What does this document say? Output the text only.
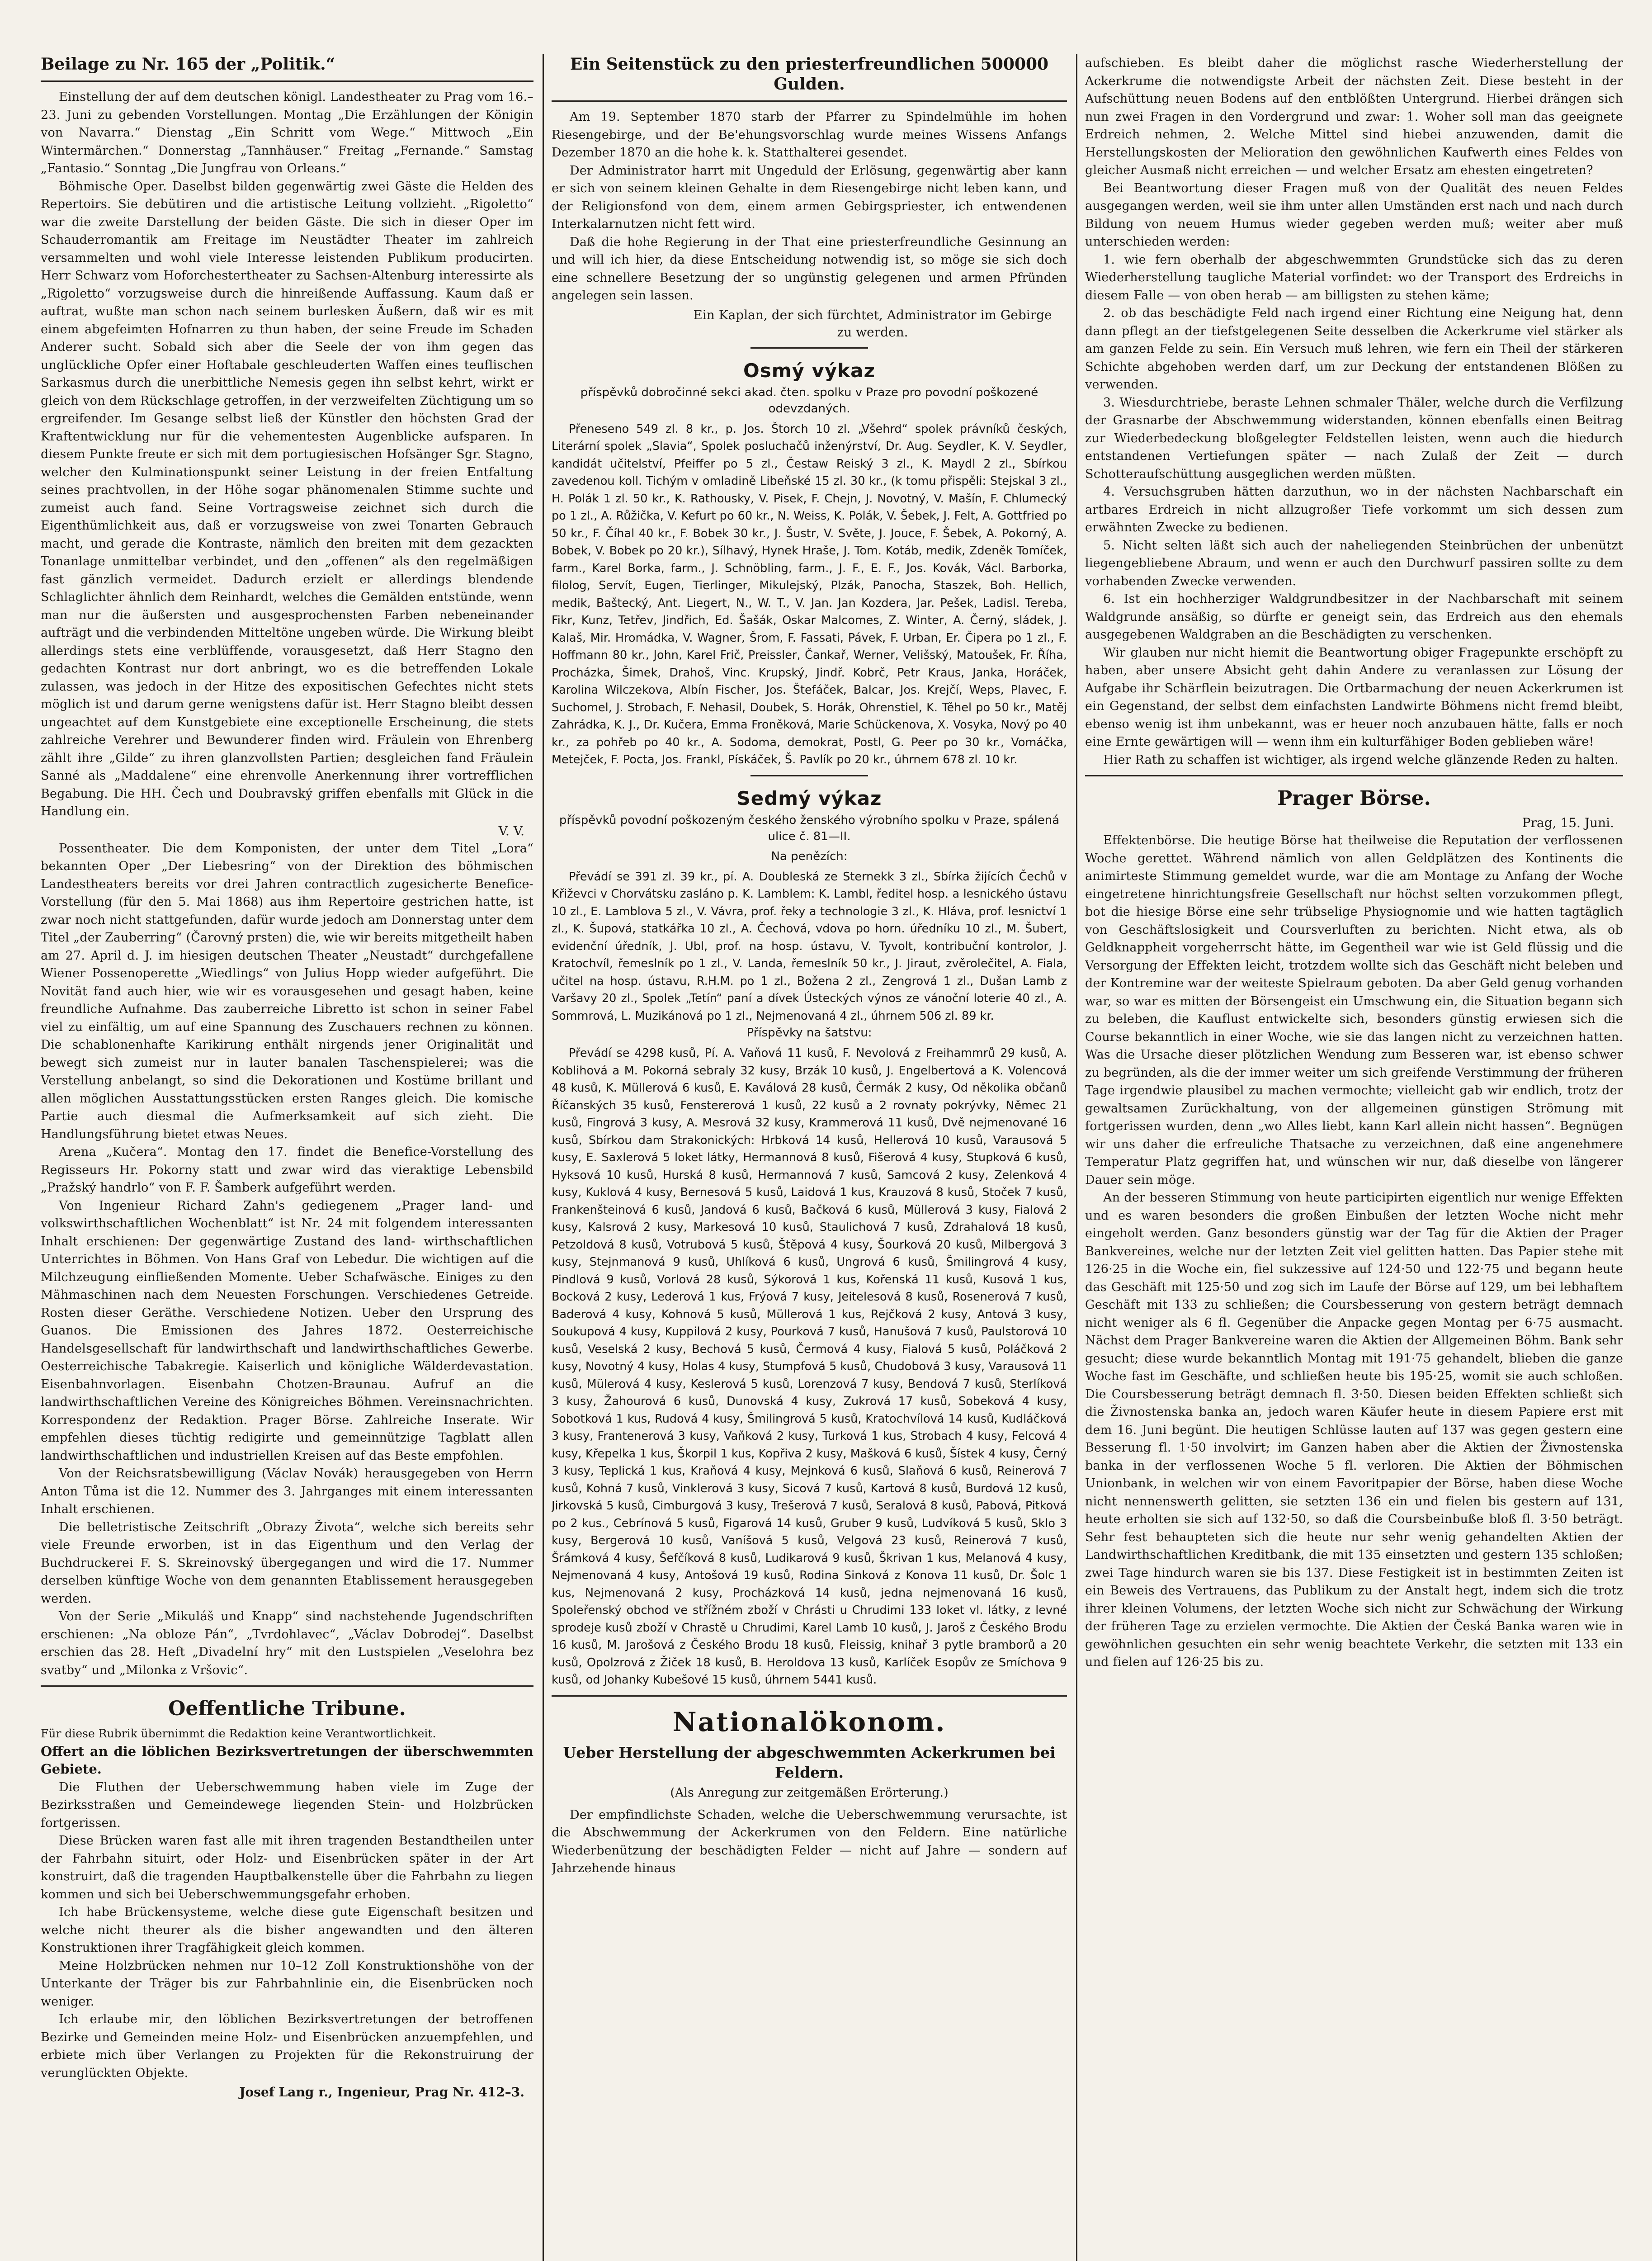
Beilage zu Nr. 165 der „Politik.“

Einstellung der auf dem deutschen königl. Landestheater zu Prag vom 16.–23. Juni zu gebenden Vorstellungen. Montag „Die Erzählungen der Königin von Navarra.“ Dienstag „Ein Schritt vom Wege.“ Mittwoch „Ein Wintermärchen.“ Donnerstag „Tannhäuser.“ Freitag „Fernande.“ Samstag „Fantasio.“ Sonntag „Die Jungfrau von Orleans.“

Böhmische Oper. Daselbst bilden gegenwärtig zwei Gäste die Helden des Repertoirs. Sie debütiren und die artistische Leitung vollzieht. „Rigoletto“ war die zweite Darstellung der beiden Gäste. Die sich in dieser Oper im Schauderromantik am Freitage im Neustädter Theater im zahlreich versammelten und wohl viele Interesse leistenden Publikum producirten. Herr Schwarz vom Hoforchestertheater zu Sachsen-Altenburg interessirte als „Rigoletto“ vorzugsweise durch die hinreißende Auffassung. Kaum daß er auftrat, wußte man schon nach seinem burlesken Äußern, daß wir es mit einem abgefeimten Hofnarren zu thun haben, der seine Freude im Schaden Anderer sucht. Sobald sich aber die Seele der von ihm gegen das unglückliche Opfer einer Hoftabale geschleuderten Waffen eines teuflischen Sarkasmus durch die unerbittliche Nemesis gegen ihn selbst kehrt, wirkt er gleich von dem Rückschlage getroffen, in der verzweifelten Züchtigung um so ergreifender. Im Gesange selbst ließ der Künstler den höchsten Grad der Kraftentwicklung nur für die vehementesten Augenblicke aufsparen. In diesem Punkte freute er sich mit dem portugiesischen Hofsänger Sgr. Stagno, welcher den Kulminationspunkt seiner Leistung in der freien Entfaltung seines prachtvollen, in der Höhe sogar phänomenalen Stimme suchte und zumeist auch fand. Seine Vortragsweise zeichnet sich durch die Eigenthümlichkeit aus, daß er vorzugsweise von zwei Tonarten Gebrauch macht, und gerade die Kontraste, nämlich den breiten mit dem gezackten Tonanlage unmittelbar verbindet, und den „offenen“ als den regelmäßigen fast gänzlich vermeidet. Dadurch erzielt er allerdings blendende Schlaglichter ähnlich dem Reinhardt, welches die Gemälden entstünde, wenn man nur die äußersten und ausgesprochensten Farben nebeneinander aufträgt und die verbindenden Mitteltöne ungeben würde. Die Wirkung bleibt allerdings stets eine verblüffende, vorausgesetzt, daß Herr Stagno den gedachten Kontrast nur dort anbringt, wo es die betreffenden Lokale zulassen, was jedoch in der Hitze des expositischen Gefechtes nicht stets möglich ist und darum gerne wenigstens dafür ist. Herr Stagno bleibt dessen ungeachtet auf dem Kunstgebiete eine exceptionelle Erscheinung, die stets zahlreiche Verehrer und Bewunderer finden wird. Fräulein von Ehrenberg zählt ihre „Gilde“ zu ihren glanzvollsten Partien; desgleichen fand Fräulein Sanné als „Maddalene“ eine ehrenvolle Anerkennung ihrer vortrefflichen Begabung. Die HH. Čech und Doubravský griffen ebenfalls mit Glück in die Handlung ein.

V. V.

Possentheater. Die dem Komponisten, der unter dem Titel „Lora“ bekannten Oper „Der Liebesring“ von der Direktion des böhmischen Landestheaters bereits vor drei Jahren contractlich zugesicherte Benefice-Vorstellung (für den 5. Mai 1868) aus ihm Repertoire gestrichen hatte, ist zwar noch nicht stattgefunden, dafür wurde jedoch am Donnerstag unter dem Titel „der Zauberring“ (Čarovný prsten) die, wie wir bereits mitgetheilt haben am 27. April d. J. im hiesigen deutschen Theater „Neustadt“ durchgefallene Wiener Possenoperette „Wiedlings“ von Julius Hopp wieder aufgeführt. Die Novität fand auch hier, wie wir es vorausgesehen und gesagt haben, keine freundliche Aufnahme. Das zauberreiche Libretto ist schon in seiner Fabel viel zu einfältig, um auf eine Spannung des Zuschauers rechnen zu können. Die schablonenhafte Karikirung enthält nirgends jener Originalität und bewegt sich zumeist nur in lauter banalen Taschenspielerei; was die Verstellung anbelangt, so sind die Dekorationen und Kostüme brillant und allen möglichen Ausstattungsstücken ersten Ranges gleich. Die komische Partie auch diesmal die Aufmerksamkeit auf sich zieht. Die Handlungsführung bietet etwas Neues.

Arena „Kučera“. Montag den 17. findet die Benefice-Vorstellung des Regisseurs Hr. Pokorny statt und zwar wird das vieraktige Lebensbild „Pražský handrlo“ von F. F. Šamberk aufgeführt werden.

Von Ingenieur Richard Zahn's gediegenem „Prager land- und volkswirthschaftlichen Wochenblatt“ ist Nr. 24 mit folgendem interessanten Inhalt erschienen: Der gegenwärtige Zustand des land- wirthschaftlichen Unterrichtes in Böhmen. Von Hans Graf von Lebedur. Die wichtigen auf die Milchzeugung einfließenden Momente. Ueber Schafwäsche. Einiges zu den Mähmaschinen nach dem Neuesten Forschungen. Verschiedenes Getreide. Rosten dieser Geräthe. Verschiedene Notizen. Ueber den Ursprung des Guanos. Die Emissionen des Jahres 1872. Oesterreichische Handelsgesellschaft für landwirthschaft und landwirthschaftliches Gewerbe. Oesterreichische Tabakregie. Kaiserlich und königliche Wälderdevastation. Eisenbahnvorlagen. Eisenbahn Chotzen-Braunau. Aufruf an die landwirthschaftlichen Vereine des Königreiches Böhmen. Vereinsnachrichten. Korrespondenz der Redaktion. Prager Börse. Zahlreiche Inserate. Wir empfehlen dieses tüchtig redigirte und gemeinnützige Tagblatt allen landwirthschaftlichen und industriellen Kreisen auf das Beste empfohlen.

Von der Reichsratsbewilligung (Václav Novák) herausgegeben von Herrn Anton Tůma ist die 12. Nummer des 3. Jahrganges mit einem interessanten Inhalt erschienen.

Die belletristische Zeitschrift „Obrazy Života“, welche sich bereits sehr viele Freunde erworben, ist in das Eigenthum und den Verlag der Buchdruckerei F. S. Skreinovský übergegangen und wird die 17. Nummer derselben künftige Woche von dem genannten Etablissement herausgegeben werden.

Von der Serie „Mikuláš und Knapp“ sind nachstehende Jugendschriften erschienen: „Na obloze Pán“, „Tvrdohlavec“, „Václav Dobrodej“. Daselbst erschien das 28. Heft „Divadelní hry“ mit den Lustspielen „Veselohra bez svatby“ und „Milonka z Vršovic“.

Oeffentliche Tribune.

Für diese Rubrik übernimmt die Redaktion keine Verantwortlichkeit.

Offert an die löblichen Bezirksvertretungen der überschwemmten Gebiete.

Die Fluthen der Ueberschwemmung haben viele im Zuge der Bezirksstraßen und Gemeindewege liegenden Stein- und Holzbrücken fortgerissen.

Diese Brücken waren fast alle mit ihren tragenden Bestandtheilen unter der Fahrbahn situirt, oder Holz- und Eisenbrücken später in der Art konstruirt, daß die tragenden Hauptbalkenstelle über die Fahrbahn zu liegen kommen und sich bei Ueberschwemmungsgefahr erhoben.

Ich habe Brückensysteme, welche diese gute Eigenschaft besitzen und welche nicht theurer als die bisher angewandten und den älteren Konstruktionen ihrer Tragfähigkeit gleich kommen.

Meine Holzbrücken nehmen nur 10–12 Zoll Konstruktionshöhe von der Unterkante der Träger bis zur Fahrbahnlinie ein, die Eisenbrücken noch weniger.

Ich erlaube mir, den löblichen Bezirksvertretungen der betroffenen Bezirke und Gemeinden meine Holz- und Eisenbrücken anzuempfehlen, und erbiete mich über Verlangen zu Projekten für die Rekonstruirung der verunglückten Objekte.

Josef Lang r., Ingenieur, Prag Nr. 412–3.
Ein Seitenstück zu den priesterfreundlichen 500000 Gulden.

Am 19. September 1870 starb der Pfarrer zu Spindelmühle im hohen Riesengebirge, und der Be'ehungsvorschlag wurde meines Wissens Anfangs Dezember 1870 an die hohe k. k. Statthalterei gesendet.

Der Administrator harrt mit Ungeduld der Erlösung, gegenwärtig aber kann er sich von seinem kleinen Gehalte in dem Riesengebirge nicht leben kann, und der Religionsfond von dem, einem armen Gebirgspriester, ich entwendenen Interkalarnutzen nicht fett wird.

Daß die hohe Regierung in der That eine priesterfreundliche Gesinnung an und will ich hier, da diese Entscheidung notwendig ist, so möge sie sich doch eine schnellere Besetzung der so ungünstig gelegenen und armen Pfründen angelegen sein lassen.

Ein Kaplan, der sich fürchtet, Administrator im Gebirge zu werden.
Osmý výkaz
příspěvků dobročinné sekci akad. čten. spolku v Praze pro povodní poškozené odevzdaných.

Přeneseno 549 zl. 8 kr., p. Jos. Štorch 10 zl. „Všehrd“ spolek právníků českých, Literární spolek „Slavia“, Spolek posluchačů inženýrství, Dr. Aug. Seydler, K. V. Seydler, kandidát učitelství, Pfeiffer po 5 zl., Čestaw Reiský 3 zl., K. Maydl 2 zl., Sbírkou zavedenou koll. Tichým v omladině Libeňské 15 zl. 30 kr., (k tomu přispěli: Stejskal 3 zl., H. Polák 1 zl. 50 kr., K. Rathousky, V. Pisek, F. Chejn, J. Novotný, V. Mašín, F. Chlumecký po 1 zl., A. Růžička, V. Kefurt po 60 kr., N. Weiss, K. Polák, V. Šebek, J. Felt, A. Gottfried po 50 kr., F. Číhal 40 kr., F. Bobek 30 kr., J. Šustr, V. Světe, J. Jouce, F. Šebek, A. Pokorný, A. Bobek, V. Bobek po 20 kr.), Sílhavý, Hynek Hraše, J. Tom. Kotáb, medik, Zdeněk Tomíček, farm., Karel Borka, farm., J. Schnöbling, farm., J. F., E. F., Jos. Kovák, Václ. Barborka, filolog, Servít, Eugen, Tierlinger, Mikulejský, Plzák, Panocha, Staszek, Boh. Hellich, medik, Baštecký, Ant. Liegert, N., W. T., V. Jan. Jan Kozdera, Jar. Pešek, Ladisl. Tereba, Fikr, Kunz, Tetřev, Jindřich, Ed. Šašák, Oskar Malcomes, Z. Winter, A. Černý, sládek, J. Kalaš, Mir. Hromádka, V. Wagner, Šrom, F. Fassati, Pávek, F. Urban, Er. Čipera po 1 zl., F. Hoffmann 80 kr., John, Karel Frič, Preissler, Čankař, Werner, Velišský, Matoušek, Fr. Říha, Procházka, Šimek, Drahoš, Vinc. Krupský, Jindř. Kobrč, Petr Kraus, Janka, Horáček, Karolina Wilczekova, Albín Fischer, Jos. Štefáček, Balcar, Jos. Krejčí, Weps, Plavec, F. Suchomel, J. Strobach, F. Nehasil, Doubek, S. Horák, Ohrenstiel, K. Těhel po 50 kr., Matěj Zahrádka, K. J., Dr. Kučera, Emma Froněková, Marie Schückenova, X. Vosyka, Nový po 40 kr., za pohřeb po 40 kr., A. Sodoma, demokrat, Postl, G. Peer po 30 kr., Vomáčka, Metejček, F. Pocta, Jos. Frankl, Pískáček, Š. Pavlík po 20 kr., úhrnem 678 zl. 10 kr.

Sedmý výkaz
příspěvků povodní poškozeným českého ženského výrobního spolku v Praze, spálená ulice č. 81—II.
Na penězích:

Převádí se 391 zl. 39 kr., pí. A. Doubleská ze Sternekk 3 zl., Sbírka žijících Čechů v Křiževci v Chorvátsku zasláno p. K. Lamblem: K. Lambl, ředitel hosp. a lesnického ústavu 10 zl., E. Lamblova 5 zl., V. Vávra, prof. řeky a technologie 3 zl., K. Hláva, prof. lesnictví 1 zl., K. Šupová, statkářka 10 zl., A. Čechová, vdova po horn. úředníku 10 zl., M. Šubert, evidenční úředník, J. Ubl, prof. na hosp. ústavu, V. Tyvolt, kontribuční kontrolor, J. Kratochvíl, řemeslník po 1 zl., V. Landa, řemeslník 50 kr., J. Jiraut, zvěrolečitel, A. Fiala, učitel na hosp. ústavu, R.H.M. po 1 zl., Božena 2 zl., Zengrová 1 zl., Dušan Lamb z Varšavy 20 zl., Spolek „Tetín“ paní a dívek Ústeckých výnos ze vánoční loterie 40 zl., A. Sommrová, L. Muzikánová po 1 zl., Nejmenovaná 4 zl., úhrnem 506 zl. 89 kr.

Příspěvky na šatstvu:

Převádí se 4298 kusů, Pí. A. Vaňová 11 kusů, F. Nevolová z Freihammrů 29 kusů, A. Koblihová a M. Pokorná sebraly 32 kusy, Brzák 10 kusů, J. Engelbertová a K. Volencová 48 kusů, K. Müllerová 6 kusů, E. Kaválová 28 kusů, Čermák 2 kusy, Od několika občanů Říčanských 35 kusů, Fenstererová 1 kusů, 22 kusů a 2 rovnaty pokrývky, Němec 21 kusů, Fingrová 3 kusy, A. Mesrová 32 kusy, Krammerová 11 kusů, Dvě nejmenované 16 kusů, Sbírkou dam Strakonických: Hrbková 14 kusů, Hellerová 10 kusů, Varausová 5 kusy, E. Saxlerová 5 loket látky, Hermannová 8 kusů, Fišerová 4 kusy, Stupková 6 kusů, Hyksová 10 kusů, Hurská 8 kusů, Hermannová 7 kusů, Samcová 2 kusy, Zelenková 4 kusy, Kuklová 4 kusy, Bernesová 5 kusů, Laidová 1 kus, Krauzová 8 kusů, Stoček 7 kusů, Frankenšteinová 6 kusů, Jandová 6 kusů, Bačková 6 kusů, Müllerová 3 kusy, Fialová 2 kusy, Kalsrová 2 kusy, Markesová 10 kusů, Staulichová 7 kusů, Zdrahalová 18 kusů, Petzoldová 8 kusů, Votrubová 5 kusů, Štěpová 4 kusy, Šourková 20 kusů, Milbergová 3 kusy, Stejnmanová 9 kusů, Uhlíková 6 kusů, Ungrová 6 kusů, Šmilingrová 4 kusy, Pindlová 9 kusů, Vorlová 28 kusů, Sýkorová 1 kus, Kořenská 11 kusů, Kusová 1 kus, Bocková 2 kusy, Lederová 1 kus, Frýová 7 kusy, Jeitelesová 8 kusů, Rosenerová 7 kusů, Baderová 4 kusy, Kohnová 5 kusů, Müllerová 1 kus, Rejčková 2 kusy, Antová 3 kusy, Soukupová 4 kusy, Kuppilová 2 kusy, Pourková 7 kusů, Hanušová 7 kusů, Paulstorová 10 kusů, Veselská 2 kusy, Bechová 5 kusů, Čermová 4 kusy, Fialová 5 kusů, Poláčková 2 kusy, Novotný 4 kusy, Holas 4 kusy, Stumpfová 5 kusů, Chudobová 3 kusy, Varausová 11 kusů, Mülerová 4 kusy, Keslerová 5 kusů, Lorenzová 7 kusy, Bendová 7 kusů, Sterlíková 3 kusy, Žahourová 6 kusů, Dunovská 4 kusy, Zukrová 17 kusů, Sobeková 4 kusy, Sobotková 1 kus, Rudová 4 kusy, Šmilingrová 5 kusů, Kratochvílová 14 kusů, Kudláčková 3 kusy, Frantenerová 3 kusy, Vaňková 2 kusy, Turková 1 kus, Strobach 4 kusy, Felcová 4 kusy, Křepelka 1 kus, Škorpil 1 kus, Kopřiva 2 kusy, Mašková 6 kusů, Šístek 4 kusy, Černý 3 kusy, Teplická 1 kus, Kraňová 4 kusy, Mejnková 6 kusů, Slaňová 6 kusů, Reinerová 7 kusů, Kohná 7 kusů, Vinklerová 3 kusy, Sicová 7 kusů, Kartová 8 kusů, Burdová 12 kusů, Jirkovská 5 kusů, Cimburgová 3 kusy, Trešerová 7 kusů, Seralová 8 kusů, Pabová, Pitková po 2 kus., Cebrínová 5 kusů, Figarová 14 kusů, Gruber 9 kusů, Ludvíková 5 kusů, Sklo 3 kusy, Bergerová 10 kusů, Vaníšová 5 kusů, Velgová 23 kusů, Reinerová 7 kusů, Šrámková 4 kusy, Šefčíková 8 kusů, Ludikarová 9 kusů, Škrivan 1 kus, Melanová 4 kusy, Nejmenovaná 4 kusy, Antošová 19 kusů, Rodina Sinková z Konova 11 kusů, Dr. Šolc 1 kus, Nejmenovaná 2 kusy, Procházková 14 kusů, jedna nejmenovaná 16 kusů, Spoleřenský obchod ve střížném zboží v Chrásti u Chrudimi 133 loket vl. látky, z levné sprodeje kusů zboží v Chrastě u Chrudimi, Karel Lamb 10 kusů, J. Jaroš z Českého Brodu 16 kusů, M. Jarošová z Českého Brodu 18 kusů, Fleissig, knihař 3 pytle bramborů a 20 kusů, Opolzrová z Žiček 18 kusů, B. Heroldova 13 kusů, Karlíček Esopův ze Smíchova 9 kusů, od Johanky Kubešové 15 kusů, úhrnem 5441 kusů.

Nationalökonom.
Ueber Herstellung der abgeschwemmten Ackerkrumen bei Feldern.
(Als Anregung zur zeitgemäßen Erörterung.)

Der empfindlichste Schaden, welche die Ueberschwemmung verursachte, ist die Abschwemmung der Ackerkrumen von den Feldern. Eine natürliche Wiederbenützung der beschädigten Felder — nicht auf Jahre — sondern auf Jahrzehende hinaus

aufschieben. Es bleibt daher die möglichst rasche Wiederherstellung der Ackerkrume die notwendigste Arbeit der nächsten Zeit. Diese besteht in der Aufschüttung neuen Bodens auf den entblößten Untergrund. Hierbei drängen sich nun zwei Fragen in den Vordergrund und zwar: 1. Woher soll man das geeignete Erdreich nehmen, 2. Welche Mittel sind hiebei anzuwenden, damit die Herstellungskosten der Melioration den gewöhnlichen Kaufwerth eines Feldes von gleicher Ausmaß nicht erreichen — und welcher Ersatz am ehesten eingetreten?

Bei Beantwortung dieser Fragen muß von der Qualität des neuen Feldes ausgegangen werden, weil sie ihm unter allen Umständen erst nach und nach durch Bildung von neuem Humus wieder gegeben werden muß; weiter aber muß unterschieden werden:

1. wie fern oberhalb der abgeschwemmten Grundstücke sich das zu deren Wiederherstellung taugliche Material vorfindet: wo der Transport des Erdreichs in diesem Falle — von oben herab — am billigsten zu stehen käme;

2. ob das beschädigte Feld nach irgend einer Richtung eine Neigung hat, denn dann pflegt an der tiefstgelegenen Seite desselben die Ackerkrume viel stärker als am ganzen Felde zu sein. Ein Versuch muß lehren, wie fern ein Theil der stärkeren Schichte abgehoben werden darf, um zur Deckung der entstandenen Blößen zu verwenden.

3. Wiesdurchtriebe, beraste Lehnen schmaler Thäler, welche durch die Verfilzung der Grasnarbe der Abschwemmung widerstanden, können ebenfalls einen Beitrag zur Wiederbedeckung bloßgelegter Feldstellen leisten, wenn auch die hiedurch entstandenen Vertiefungen später — nach Zulaß der Zeit — durch Schotteraufschüttung ausgeglichen werden müßten.

4. Versuchsgruben hätten darzuthun, wo in der nächsten Nachbarschaft ein artbares Erdreich in nicht allzugroßer Tiefe vorkommt um sich dessen zum erwähnten Zwecke zu bedienen.

5. Nicht selten läßt sich auch der naheliegenden Steinbrüchen der unbenützt liegengebliebene Abraum, und wenn er auch den Durchwurf passiren sollte zu dem vorhabenden Zwecke verwenden.

6. Ist ein hochherziger Waldgrundbesitzer in der Nachbarschaft mit seinem Waldgrunde ansäßig, so dürfte er geneigt sein, das Erdreich aus den ehemals ausgegebenen Waldgraben an die Beschädigten zu verschenken.

Wir glauben nur nicht hiemit die Beantwortung obiger Fragepunkte erschöpft zu haben, aber unsere Absicht geht dahin Andere zu veranlassen zur Lösung der Aufgabe ihr Schärflein beizutragen. Die Ortbarmachung der neuen Ackerkrumen ist ein Gegenstand, der selbst dem einfachsten Landwirte Böhmens nicht fremd bleibt, ebenso wenig ist ihm unbekannt, was er heuer noch anzubauen hätte, falls er noch eine Ernte gewärtigen will — wenn ihm ein kulturfähiger Boden geblieben wäre!

Hier Rath zu schaffen ist wichtiger, als irgend welche glänzende Reden zu halten.

Prager Börse.
Prag, 15. Juni.

Effektenbörse. Die heutige Börse hat theilweise die Reputation der verflossenen Woche gerettet. Während nämlich von allen Geldplätzen des Kontinents die animirteste Stimmung gemeldet wurde, war die am Montage zu Anfang der Woche eingetretene hinrichtungsfreie Gesellschaft nur höchst selten vorzukommen pflegt, bot die hiesige Börse eine sehr trübselige Physiognomie und wie hatten tagtäglich von Geschäftslosigkeit und Coursverluften zu berichten. Nicht etwa, als ob Geldknappheit vorgeherrscht hätte, im Gegentheil war wie ist Geld flüssig und die Versorgung der Effekten leicht, trotzdem wollte sich das Geschäft nicht beleben und der Kontremine war der weiteste Spielraum geboten. Da aber Geld genug vorhanden war, so war es mitten der Börsengeist ein Umschwung ein, die Situation begann sich zu beleben, die Kauflust entwickelte sich, besonders günstig erwiesen sich die Course bekanntlich in einer Woche, wie sie das langen nicht zu verzeichnen hatten. Was die Ursache dieser plötzlichen Wendung zum Besseren war, ist ebenso schwer zu begründen, als die der immer weiter um sich greifende Verstimmung der früheren Tage irgendwie plausibel zu machen vermochte; vielleicht gab wir endlich, trotz der gewaltsamen Zurückhaltung, von der allgemeinen günstigen Strömung mit fortgerissen wurden, denn „wo Alles liebt, kann Karl allein nicht hassen“. Begnügen wir uns daher die erfreuliche Thatsache zu verzeichnen, daß eine angenehmere Temperatur Platz gegriffen hat, und wünschen wir nur, daß dieselbe von längerer Dauer sein möge.

An der besseren Stimmung von heute participirten eigentlich nur wenige Effekten und es waren besonders die großen Einbußen der letzten Woche nicht mehr eingeholt werden. Ganz besonders günstig war der Tag für die Aktien der Prager Bankvereines, welche nur der letzten Zeit viel gelitten hatten. Das Papier stehe mit 126·25 in die Woche ein, fiel sukzessive auf 124·50 und 122·75 und begann heute das Geschäft mit 125·50 und zog sich im Laufe der Börse auf 129, um bei lebhaftem Geschäft mit 133 zu schließen; die Coursbesserung von gestern beträgt demnach nicht weniger als 6 fl. Gegenüber die Anpacke gegen Montag per 6·75 ausmacht. Nächst dem Prager Bankvereine waren die Aktien der Allgemeinen Böhm. Bank sehr gesucht; diese wurde bekanntlich Montag mit 191·75 gehandelt, blieben die ganze Woche fast im Geschäfte, und schließen heute bis 195·25, womit sie auch schloßen. Die Coursbesserung beträgt demnach fl. 3·50. Diesen beiden Effekten schließt sich die Živnostenska banka an, jedoch waren Käufer heute in diesem Papiere erst mit dem 16. Juni begünt. Die heutigen Schlüsse lauten auf 137 was gegen gestern eine Besserung fl. 1·50 involvirt; im Ganzen haben aber die Aktien der Živnostenska banka in der verflossenen Woche 5 fl. verloren. Die Aktien der Böhmischen Unionbank, in welchen wir von einem Favoritpapier der Börse, haben diese Woche nicht nennenswerth gelitten, sie setzten 136 ein und fielen bis gestern auf 131, heute erholten sie sich auf 132·50, so daß die Coursbeinbuße bloß fl. 3·50 beträgt. Sehr fest behaupteten sich die heute nur sehr wenig gehandelten Aktien der Landwirthschaftlichen Kreditbank, die mit 135 einsetzten und gestern 135 schloßen; zwei Tage hindurch waren sie bis 137. Diese Festigkeit ist in bestimmten Zeiten ist ein Beweis des Vertrauens, das Publikum zu der Anstalt hegt, indem sich die trotz ihrer kleinen Volumens, der letzten Woche sich nicht zur Schwächung der Wirkung der früheren Tage zu erzielen vermochte. Die Aktien der Česká Banka waren wie in gewöhnlichen gesuchten ein sehr wenig beachtete Verkehr, die setzten mit 133 ein und fielen auf 126·25 bis zu.
